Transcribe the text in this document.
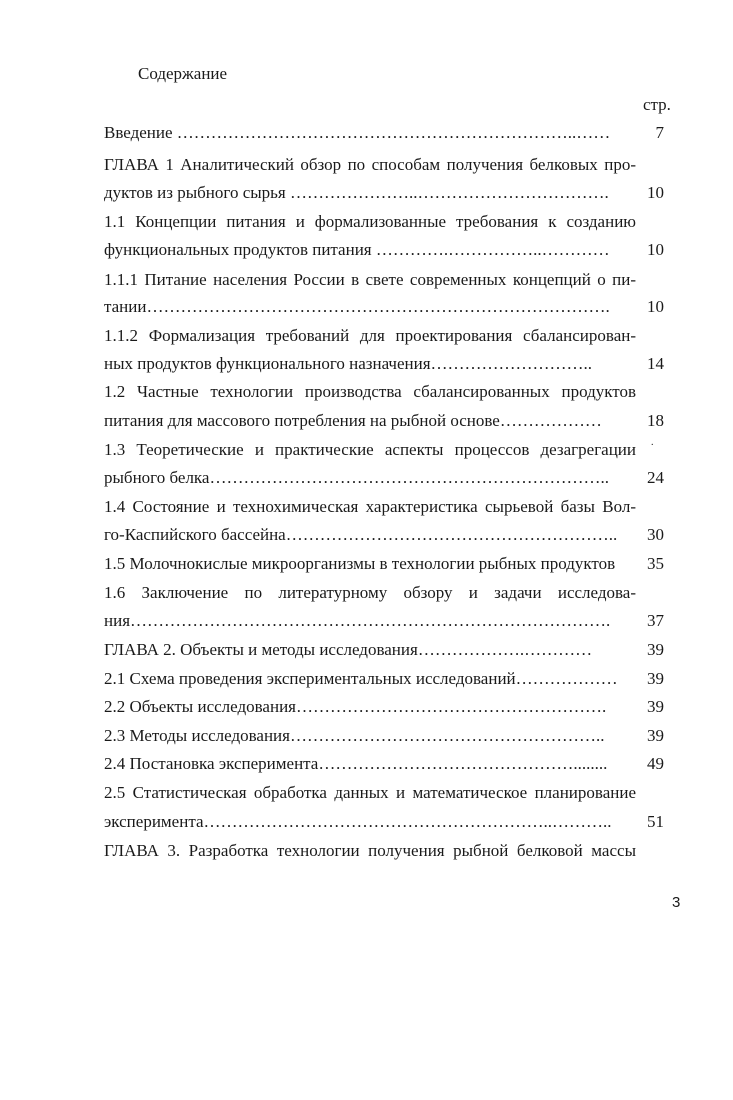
Содержание
стр.
Введение ……………………………………………………………..……	7
ГЛАВА 1 Аналитический обзор по способам получения белковых про-
дуктов из рыбного сырья …………………..…………………………….	10
1.1 Концепции питания и формализованные требования к созданию
функциональных продуктов питания ………….……………..…………	10
1.1.1 Питание населения России в свете современных концепций о пи-
тании……………………………………………………………………….	10
1.1.2 Формализация требований для проектирования сбалансирован-
ных продуктов функционального назначения………………………..	14
1.2 Частные технологии производства сбалансированных продуктов
питания для массового потребления на рыбной основе………………	18
1.3 Теоретические и практические аспекты процессов дезагрегации .
рыбного белка……………………………………………………………..	24
1.4 Состояние и технохимическая характеристика сырьевой базы Вол-
го-Каспийского бассейна…………………………………………………..	30
1.5 Молочнокислые микроорганизмы в технологии рыбных продуктов	35
1.6 Заключение по литературному обзору и задачи исследова-
ния………………………………………………………………………….	37
ГЛАВА 2. Объекты и методы исследования……………….…………	39
2.1 Схема проведения экспериментальных исследований………………	39
2.2 Объекты исследования……………………………………………….	39
2.3 Методы исследования………………………………………………..	39
2.4 Постановка эксперимента………………………………………........	49
2.5 Статистическая обработка данных и математическое планирование
эксперимента……………………………………………………..………..	51
ГЛАВА 3. Разработка технологии получения рыбной белковой массы
3
